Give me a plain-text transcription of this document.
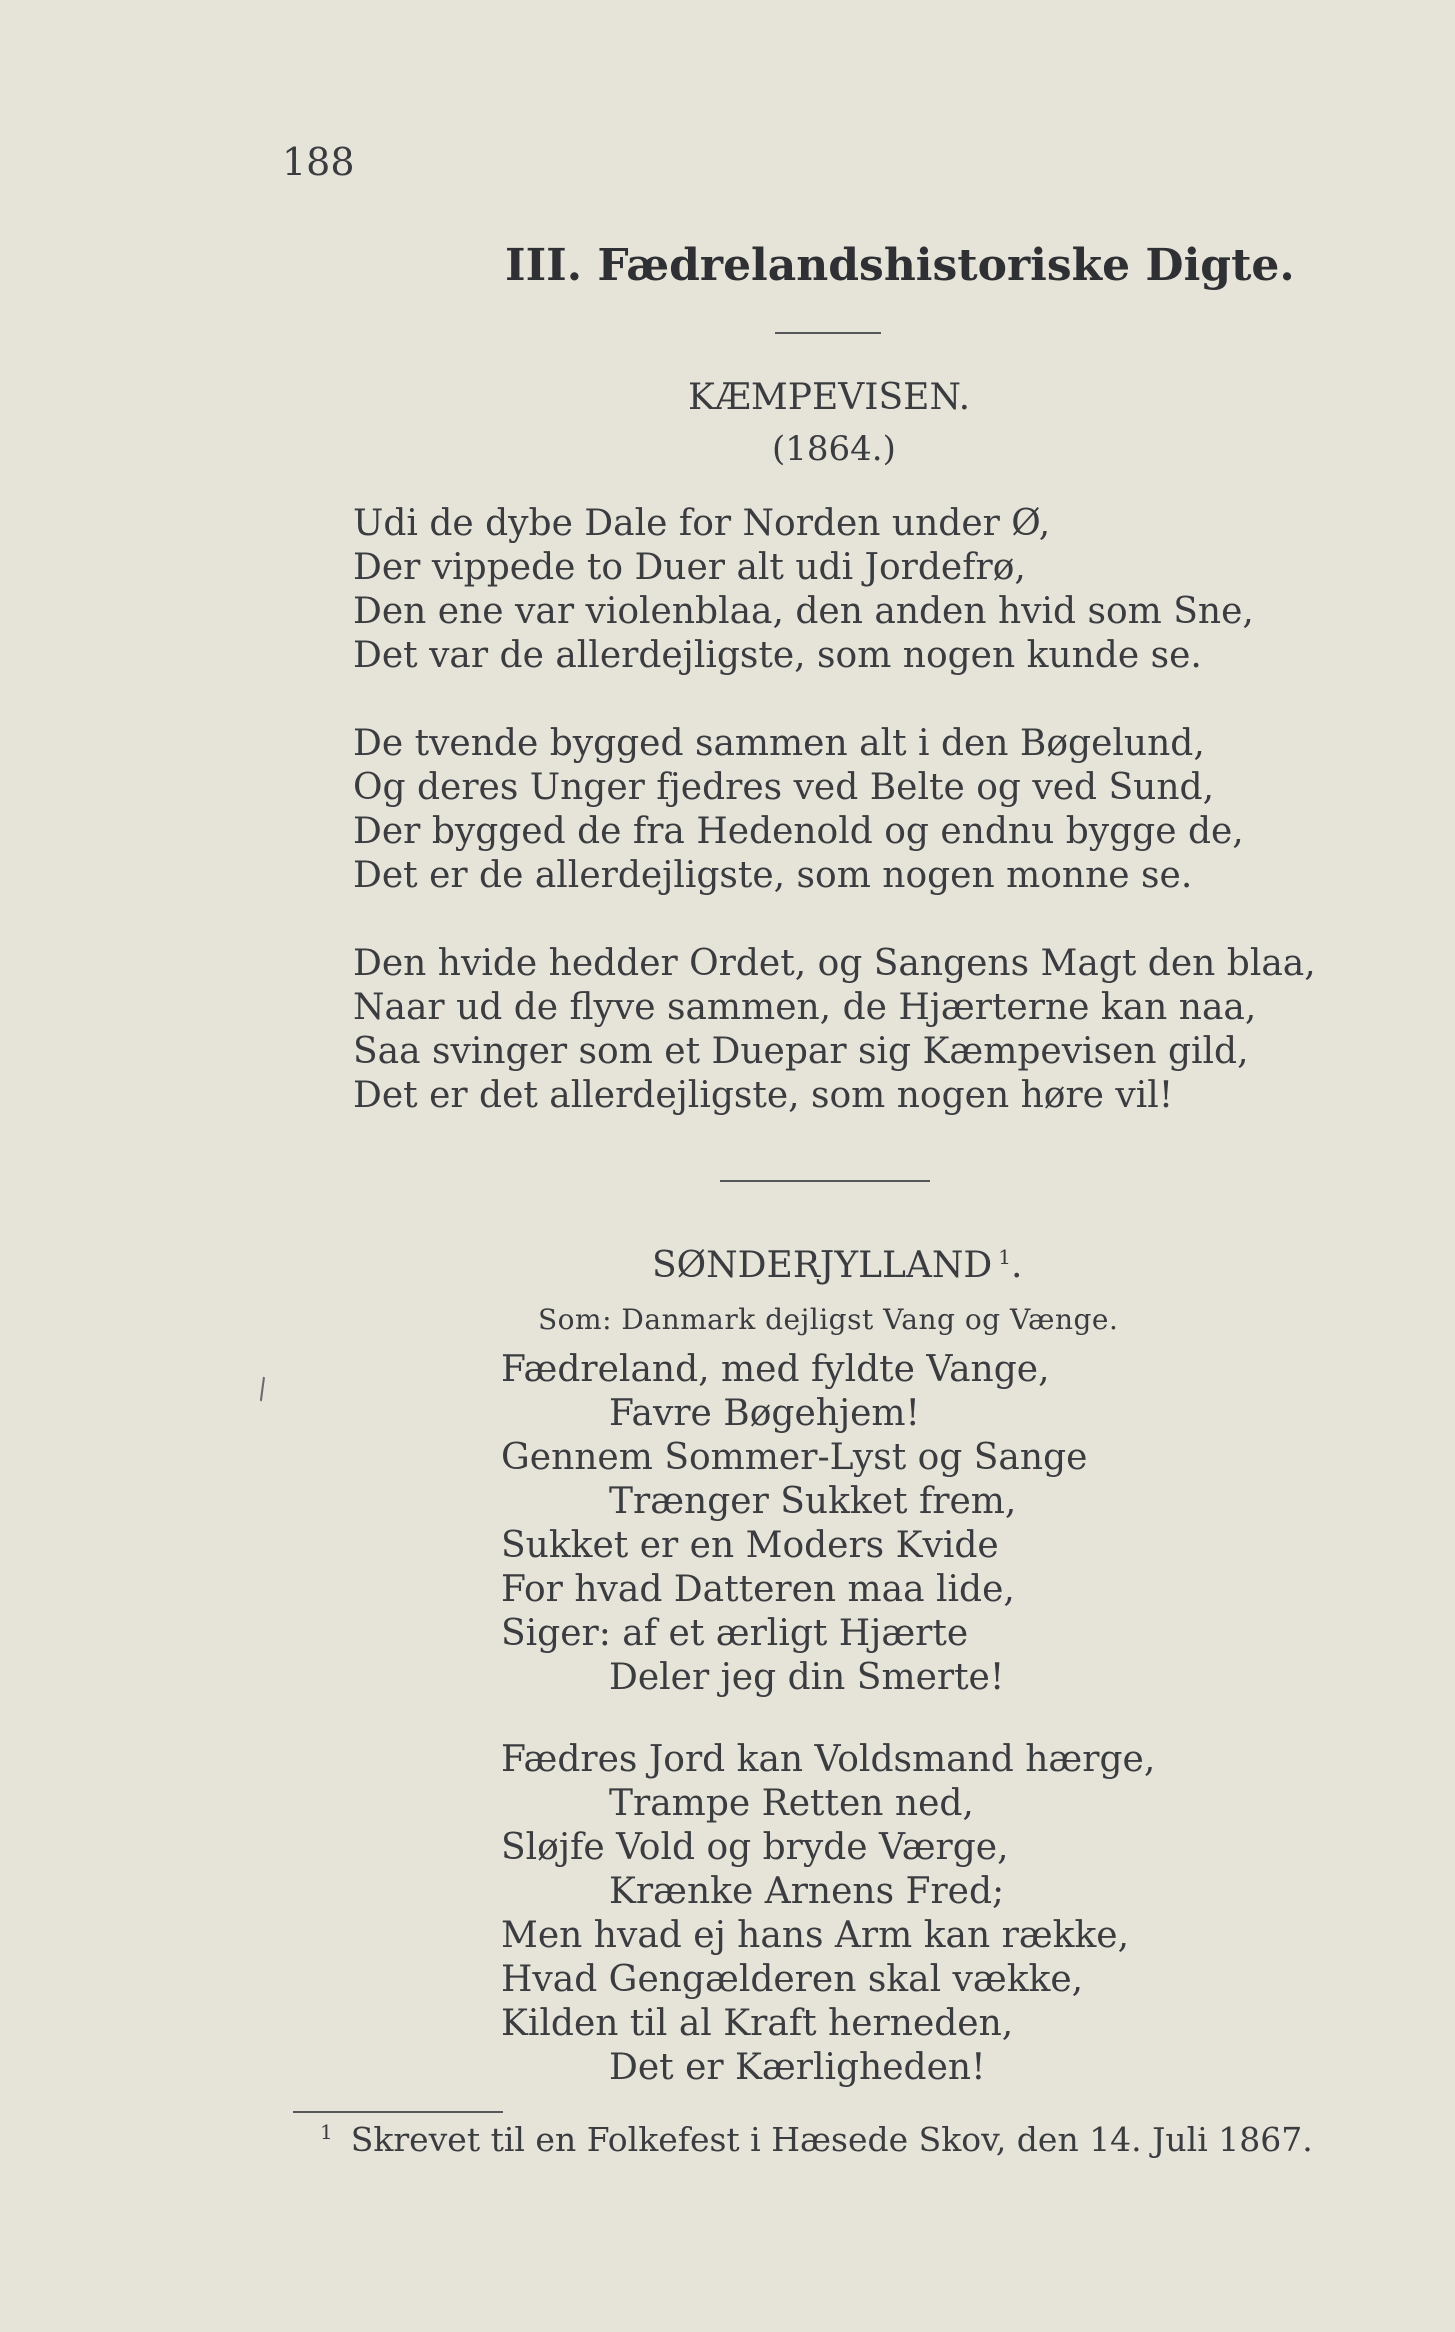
188
III. Fædrelandshistoriske Digte.
KÆMPEVISEN.
(1864.)
Udi de dybe Dale for Norden under Ø,
Der vippede to Duer alt udi Jordefrø,
Den ene var violenblaa, den anden hvid som Sne,
Det var de allerdejligste, som nogen kunde se.
De tvende bygged sammen alt i den Bøgelund,
Og deres Unger fjedres ved Belte og ved Sund,
Der bygged de fra Hedenold og endnu bygge de,
Det er de allerdejligste, som nogen monne se.
Den hvide hedder Ordet, og Sangens Magt den blaa,
Naar ud de flyve sammen, de Hjærterne kan naa,
Saa svinger som et Duepar sig Kæmpevisen gild,
Det er det allerdejligste, som nogen høre vil!
SØNDERJYLLAND $^1$.
Som: Danmark dejligst Vang og Vænge.
\	Fædreland, med fyldte Vange,
Favre Bøgehjem!
Gennem Sommer-Lyst og Sange
Trænger Sukket frem,
Sukket er en Moders Kvide
For hvad Datteren maa lide,
Siger: af et ærligt Hjærte
Deler jeg din Smerte!
Fædres Jord kan Voldsmand hærge,
Trampe Retten ned,
Sløjfe Vold og bryde Værge,
Krænke Arnens Fred;
Men hvad ej hans Arm kan række,
Hvad Gengælderen skal vække,
Kilden til al Kraft herneden,
Det er Kærligheden!
$^1$ Skrevet til en Folkefest i Hæsede Skov, den 14. Juli 1867.
